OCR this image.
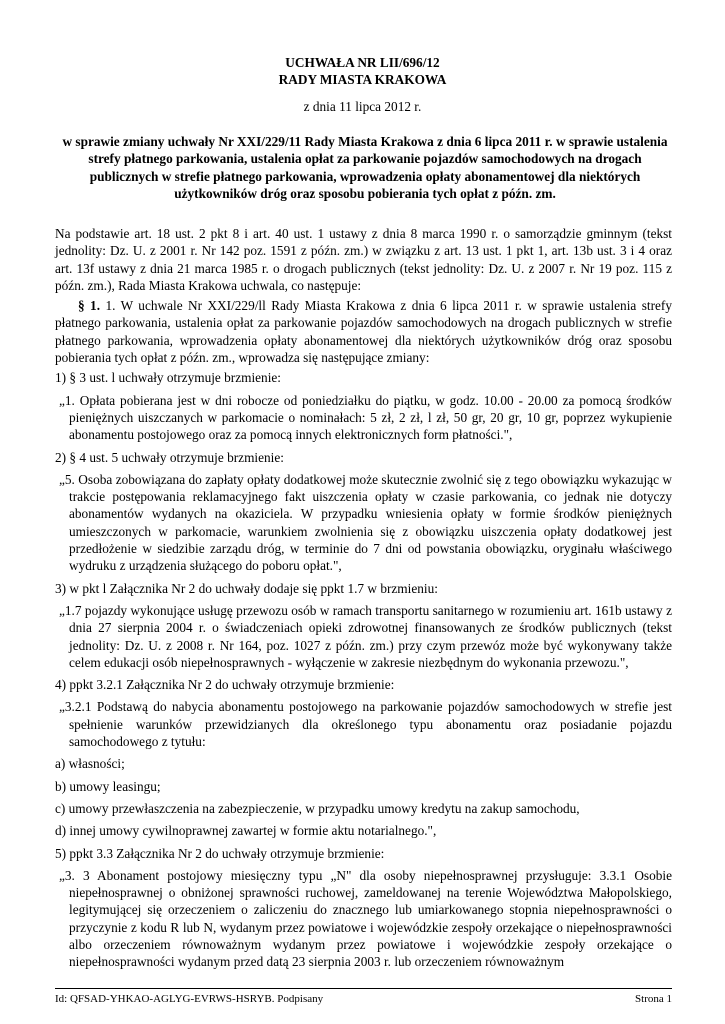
UCHWAŁA NR LII/696/12
RADY MIASTA KRAKOWA
z dnia 11 lipca 2012 r.
w sprawie zmiany uchwały Nr XXI/229/11 Rady Miasta Krakowa z dnia 6 lipca 2011 r. w sprawie ustalenia strefy płatnego parkowania, ustalenia opłat za parkowanie pojazdów samochodowych na drogach publicznych w strefie płatnego parkowania, wprowadzenia opłaty abonamentowej dla niektórych użytkowników dróg oraz sposobu pobierania tych opłat z późn. zm.

Na podstawie art. 18 ust. 2 pkt 8 i art. 40 ust. 1 ustawy z dnia 8 marca 1990 r. o samorządzie gminnym (tekst jednolity: Dz. U. z 2001 r. Nr 142 poz. 1591 z późn. zm.) w związku z art. 13 ust. 1 pkt 1, art. 13b ust. 3 i 4 oraz art. 13f ustawy z dnia 21 marca 1985 r. o drogach publicznych (tekst jednolity: Dz. U. z 2007 r. Nr 19 poz. 115 z późn. zm.), Rada Miasta Krakowa uchwala, co następuje:

§ 1. 1. W uchwale Nr XXI/229/ll Rady Miasta Krakowa z dnia 6 lipca 2011 r. w sprawie ustalenia strefy płatnego parkowania, ustalenia opłat za parkowanie pojazdów samochodowych na drogach publicznych w strefie płatnego parkowania, wprowadzenia opłaty abonamentowej dla niektórych użytkowników dróg oraz sposobu pobierania tych opłat z późn. zm., wprowadza się następujące zmiany:

1) § 3 ust. l uchwały otrzymuje brzmienie:

„1. Opłata pobierana jest w dni robocze od poniedziałku do piątku, w godz. 10.00 - 20.00 za pomocą środków pieniężnych uiszczanych w parkomacie o nominałach: 5 zł, 2 zł, l zł, 50 gr, 20 gr, 10 gr, poprzez wykupienie abonamentu postojowego oraz za pomocą innych elektronicznych form płatności.",

2) § 4 ust. 5 uchwały otrzymuje brzmienie:

„5. Osoba zobowiązana do zapłaty opłaty dodatkowej może skutecznie zwolnić się z tego obowiązku wykazując w trakcie postępowania reklamacyjnego fakt uiszczenia opłaty w czasie parkowania, co jednak nie dotyczy abonamentów wydanych na okaziciela. W przypadku wniesienia opłaty w formie środków pieniężnych umieszczonych w parkomacie, warunkiem zwolnienia się z obowiązku uiszczenia opłaty dodatkowej jest przedłożenie w siedzibie zarządu dróg, w terminie do 7 dni od powstania obowiązku, oryginału właściwego wydruku z urządzenia służącego do poboru opłat.",

3) w pkt l Załącznika Nr 2 do uchwały dodaje się ppkt 1.7 w brzmieniu:

„1.7 pojazdy wykonujące usługę przewozu osób w ramach transportu sanitarnego w rozumieniu art. 161b ustawy z dnia 27 sierpnia 2004 r. o świadczeniach opieki zdrowotnej finansowanych ze środków publicznych (tekst jednolity: Dz. U. z 2008 r. Nr 164, poz. 1027 z późn. zm.) przy czym przewóz może być wykonywany także celem edukacji osób niepełnosprawnych - wyłączenie w zakresie niezbędnym do wykonania przewozu.",

4) ppkt 3.2.1 Załącznika Nr 2 do uchwały otrzymuje brzmienie:

„3.2.1 Podstawą do nabycia abonamentu postojowego na parkowanie pojazdów samochodowych w strefie jest spełnienie warunków przewidzianych dla określonego typu abonamentu oraz posiadanie pojazdu samochodowego z tytułu:

a) własności;

b) umowy leasingu;

c) umowy przewłaszczenia na zabezpieczenie, w przypadku umowy kredytu na zakup samochodu,

d) innej umowy cywilnoprawnej zawartej w formie aktu notarialnego.",

5) ppkt 3.3 Załącznika Nr 2 do uchwały otrzymuje brzmienie:

„3. 3 Abonament postojowy miesięczny typu „N" dla osoby niepełnosprawnej przysługuje: 3.3.1 Osobie niepełnosprawnej o obniżonej sprawności ruchowej, zameldowanej na terenie Województwa Małopolskiego, legitymującej się orzeczeniem o zaliczeniu do znacznego lub umiarkowanego stopnia niepełnosprawności o przyczynie z kodu R lub N, wydanym przez powiatowe i wojewódzkie zespoły orzekające o niepełnosprawności albo orzeczeniem równoważnym wydanym przez powiatowe i wojewódzkie zespoły orzekające o niepełnosprawności wydanym przed datą 23 sierpnia 2003 r. lub orzeczeniem równoważnym

Id: QFSAD-YHKAO-AGLYG-EVRWS-HSRYB. Podpisany	Strona 1
